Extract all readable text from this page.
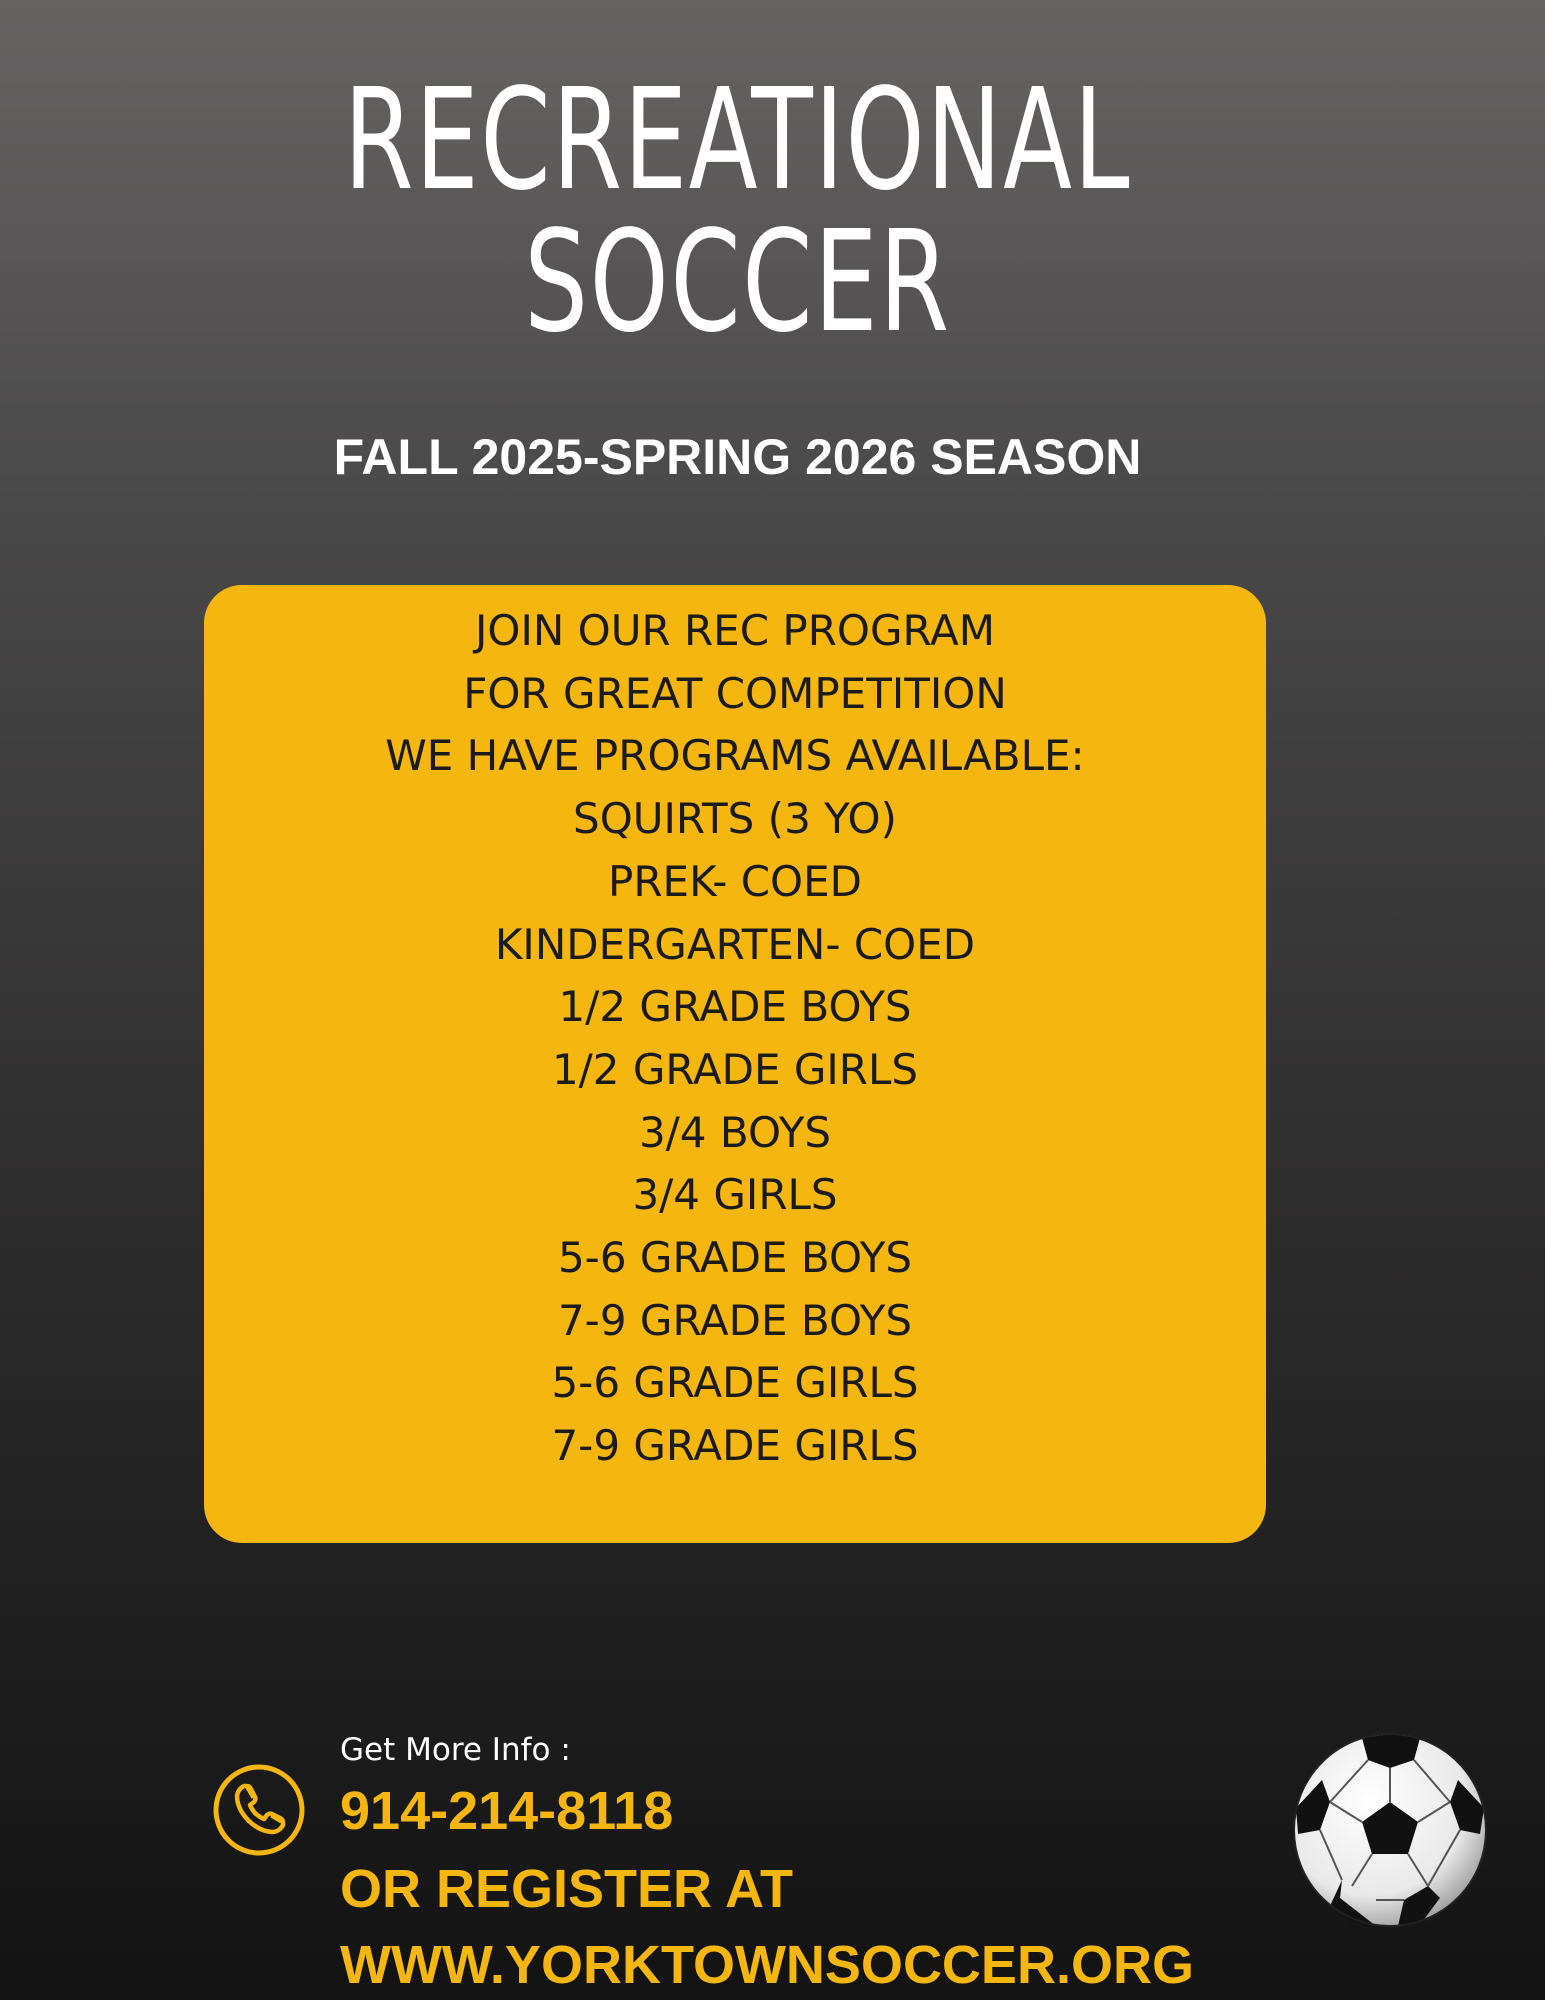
RECREATIONAL
SOCCER
FALL 2025-SPRING 2026 SEASON
JOIN OUR REC PROGRAM
FOR GREAT COMPETITION
WE HAVE PROGRAMS AVAILABLE:
SQUIRTS (3 YO)
PREK- COED
KINDERGARTEN- COED
1/2 GRADE BOYS
1/2 GRADE GIRLS
3/4 BOYS
3/4 GIRLS
5-6 GRADE BOYS
7-9 GRADE BOYS
5-6 GRADE GIRLS
7-9 GRADE GIRLS
Get More Info :
914-214-8118
OR REGISTER AT
WWW.YORKTOWNSOCCER.ORG
